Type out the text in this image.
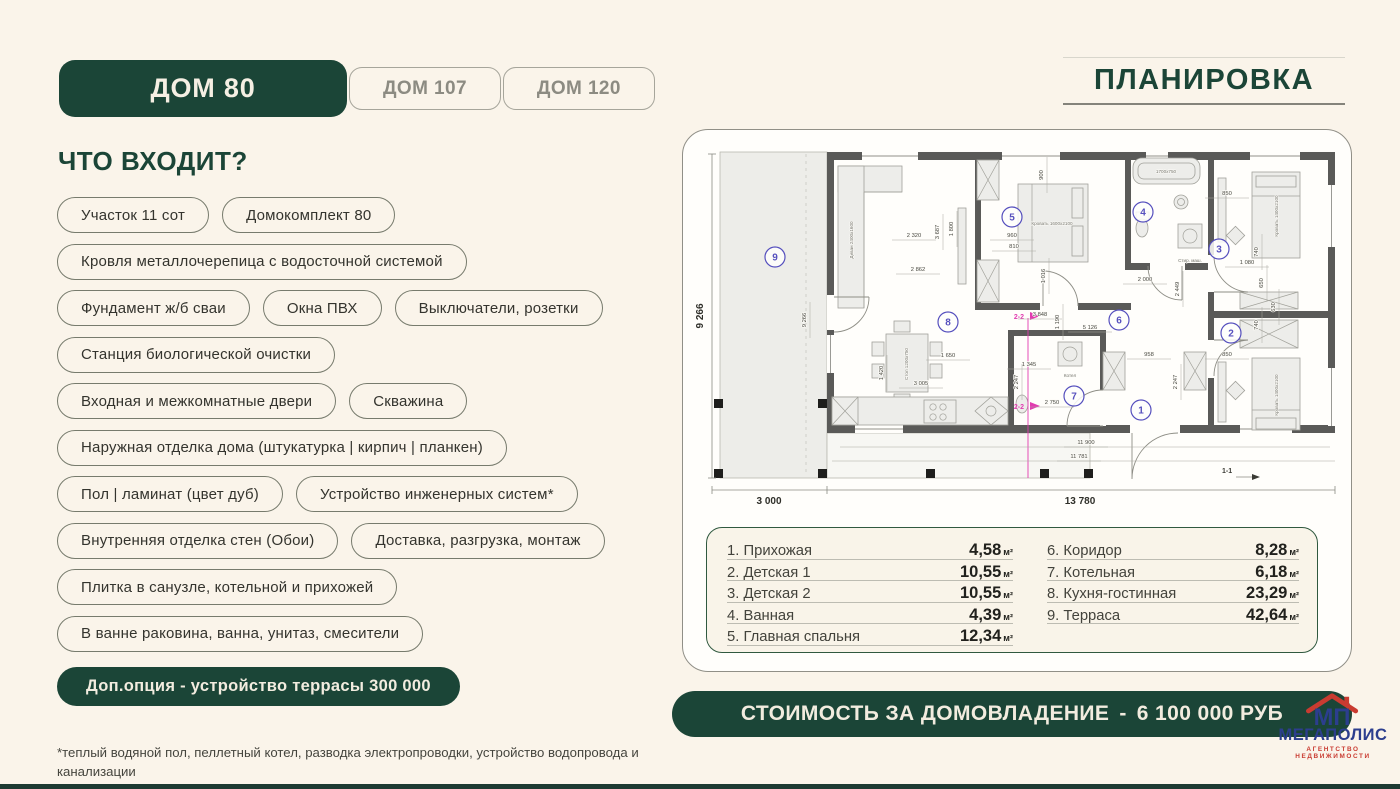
ДОМ 80	ДОМ 107	ДОМ 120
ЧТО ВХОДИТ?
Участок 11 сот	Домокомплект 80
Кровля металлочерепица с водосточной системой
Фундамент ж/б сваи	Окна ПВХ	Выключатели, розетки
Станция биологической очистки
Входная и межкомнатные двери	Скважина
Наружная отделка дома (штукатурка | кирпич | планкен)
Пол | ламинат (цвет дуб)	Устройство инженерных систем*
Внутренняя отделка стен (Обои)	Доставка, разгрузка, монтаж
Плитка в санузле, котельной и прихожей
В ванне раковина, ванна, унитаз, смесители
Доп.опция - устройство террасы 300 000
*теплый водяной пол, пеллетный котел, разводка электропроводки, устройство водопровода и канализации
ПЛАНИРОВКА
2-2
2-2
9 266
3 000	13 780
1-1
2 320 3 687 1 800
2 862
960
810
900
1 016
3 848 1 190	5 126
1 650
3 005
1 420
1 345
2 247	2 247
2 750
2 000
2 449
958
850
850
740
740
1 080
650
630
9 266
11 900
11 781
Диван 2400х1600	Кровать 1600х2100
1700х750
Стир. маш.
Кровать 1400х2100
Кровать 1400х2100
Стол 1200х750	Котел
1
2
3
4
5
6
7
8
9
1. Прихожая	4,58 м²
2. Детская 1	10,55 м²
3. Детская 2	10,55 м²
4. Ванная	4,39 м²
5. Главная спальня	12,34 м²
6. Коридор	8,28 м²
7. Котельная	6,18 м²
8. Кухня-гостинная	23,29 м²
9. Терраса	42,64 м²
СТОИМОСТЬ ЗА ДОМОВЛАДЕНИЕ - 6 100 000 РУБ МП
МЕГАПОЛИС
АГЕНТСТВО НЕДВИЖИМОСТИ
